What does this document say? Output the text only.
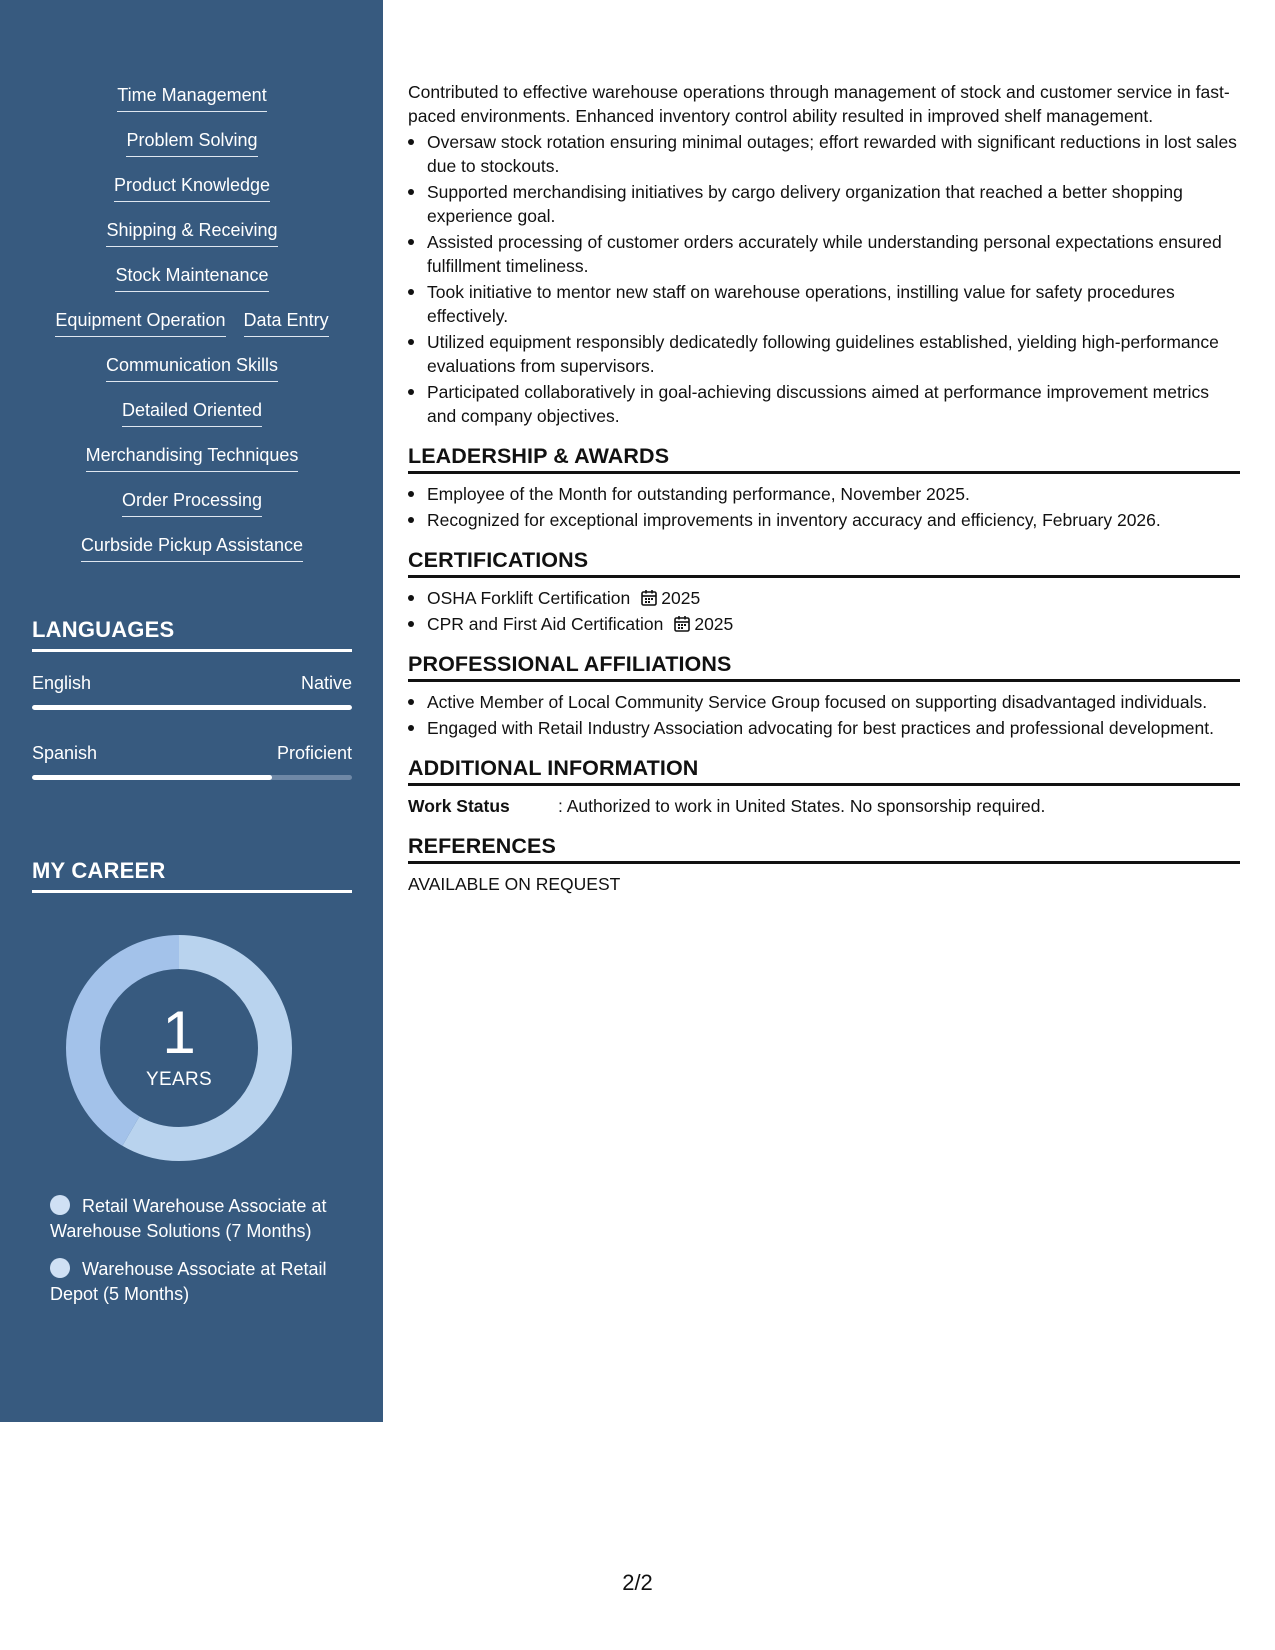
Time Management
Problem Solving
Product Knowledge
Shipping & Receiving
Stock Maintenance
Equipment Operation Data Entry
Communication Skills
Detailed Oriented
Merchandising Techniques
Order Processing
Curbside Pickup Assistance
LANGUAGES
English	Native
Spanish	Proficient
MY CAREER
1
YEARS
Retail Warehouse Associate at Warehouse Solutions (7 Months)
Warehouse Associate at Retail Depot (5 Months)

Contributed to effective warehouse operations through management of stock and customer service in fast-paced environments. Enhanced inventory control ability resulted in improved shelf management.

Oversaw stock rotation ensuring minimal outages; effort rewarded with significant reductions in lost sales due to stockouts.
Supported merchandising initiatives by cargo delivery organization that reached a better shopping experience goal.
Assisted processing of customer orders accurately while understanding personal expectations ensured fulfillment timeliness.
Took initiative to mentor new staff on warehouse operations, instilling value for safety procedures effectively.
Utilized equipment responsibly dedicatedly following guidelines established, yielding high-performance evaluations from supervisors.
Participated collaboratively in goal-achieving discussions aimed at performance improvement metrics and company objectives.
LEADERSHIP & AWARDS
Employee of the Month for outstanding performance, November 2025.
Recognized for exceptional improvements in inventory accuracy and efficiency, February 2026.
CERTIFICATIONS
OSHA Forklift Certification 2025
CPR and First Aid Certification 2025
PROFESSIONAL AFFILIATIONS
Active Member of Local Community Service Group focused on supporting disadvantaged individuals.
Engaged with Retail Industry Association advocating for best practices and professional development.
ADDITIONAL INFORMATION
Work Status	: Authorized to work in United States. No sponsorship required.
REFERENCES
AVAILABLE ON REQUEST
2/2
